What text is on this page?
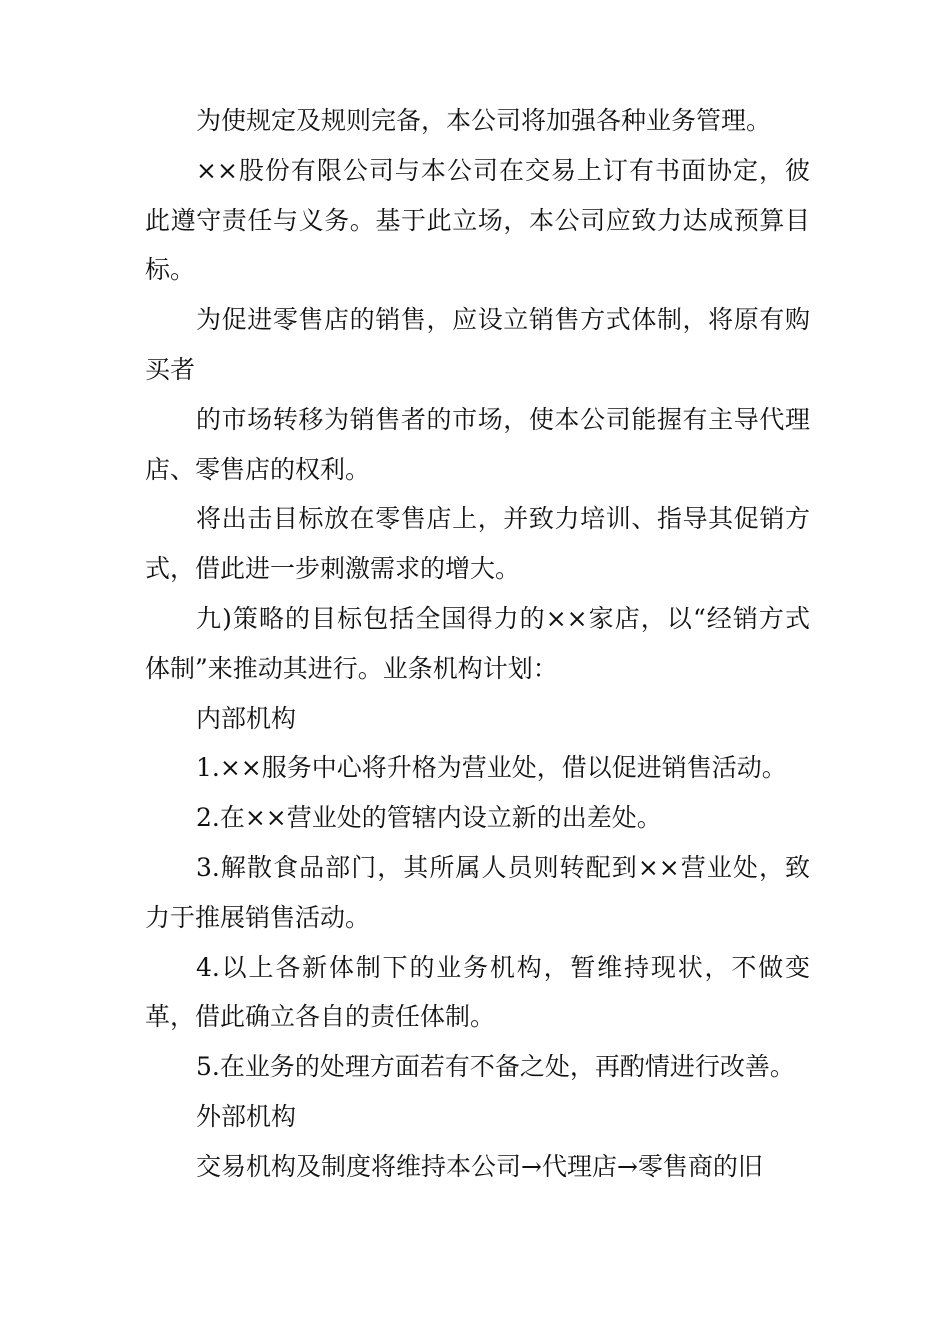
为使规定及规则完备，本公司将加强各种业务管理。

××股份有限公司与本公司在交易上订有书面协定，彼此遵守责任与义务。基于此立场，本公司应致力达成预算目标。

为促进零售店的销售，应设立销售方式体制，将原有购买者

的市场转移为销售者的市场，使本公司能握有主导代理店、零售店的权利。

将出击目标放在零售店上，并致力培训、指导其促销方式，借此进一步刺激需求的增大。

九)策略的目标包括全国得力的××家店，以“经销方式体制”来推动其进行。业条机构计划：

内部机构

1.××服务中心将升格为营业处，借以促进销售活动。

2.在××营业处的管辖内设立新的出差处。

3.解散食品部门，其所属人员则转配到××营业处，致力于推展销售活动。

4.以上各新体制下的业务机构，暂维持现状，不做变革，借此确立各自的责任体制。

5.在业务的处理方面若有不备之处，再酌情进行改善。

外部机构

交易机构及制度将维持本公司→代理店→零售商的旧
